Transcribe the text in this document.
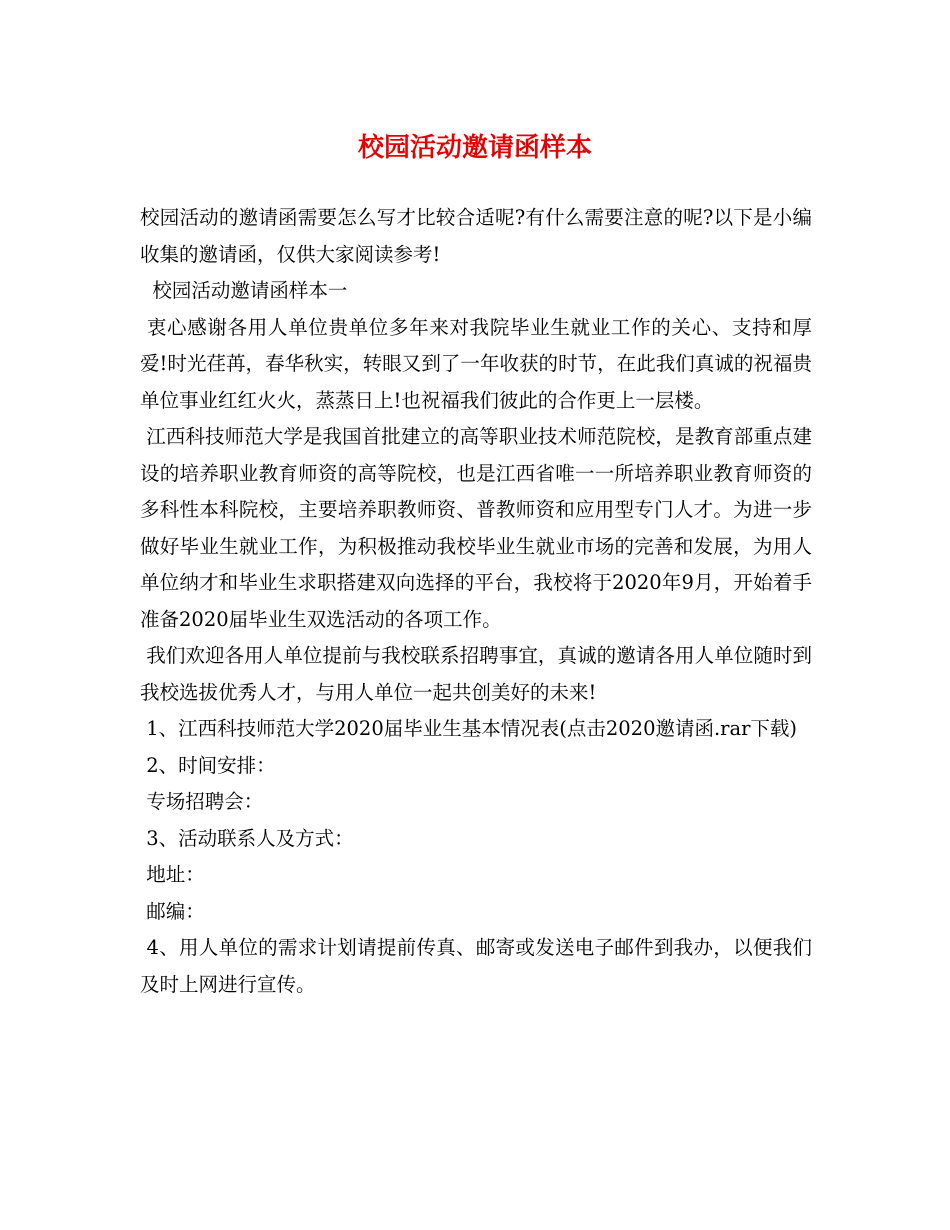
校园活动邀请函样本

校园活动的邀请函需要怎么写才比较合适呢?有什么需要注意的呢?以下是小编收集的邀请函，仅供大家阅读参考!

校园活动邀请函样本一

衷心感谢各用人单位贵单位多年来对我院毕业生就业工作的关心、支持和厚爱!时光荏苒，春华秋实，转眼又到了一年收获的时节，在此我们真诚的祝福贵单位事业红红火火，蒸蒸日上!也祝福我们彼此的合作更上一层楼。

江西科技师范大学是我国首批建立的高等职业技术师范院校，是教育部重点建设的培养职业教育师资的高等院校，也是江西省唯一一所培养职业教育师资的多科性本科院校，主要培养职教师资、普教师资和应用型专门人才。为进一步做好毕业生就业工作，为积极推动我校毕业生就业市场的完善和发展，为用人单位纳才和毕业生求职搭建双向选择的平台，我校将于2020年9月，开始着手准备2020届毕业生双选活动的各项工作。

我们欢迎各用人单位提前与我校联系招聘事宜，真诚的邀请各用人单位随时到我校选拔优秀人才，与用人单位一起共创美好的未来!

1、江西科技师范大学2020届毕业生基本情况表(点击2020邀请函.rar下载)

2、时间安排：

专场招聘会：

3、活动联系人及方式：

地址：

邮编：

4、用人单位的需求计划请提前传真、邮寄或发送电子邮件到我办，以便我们及时上网进行宣传。
